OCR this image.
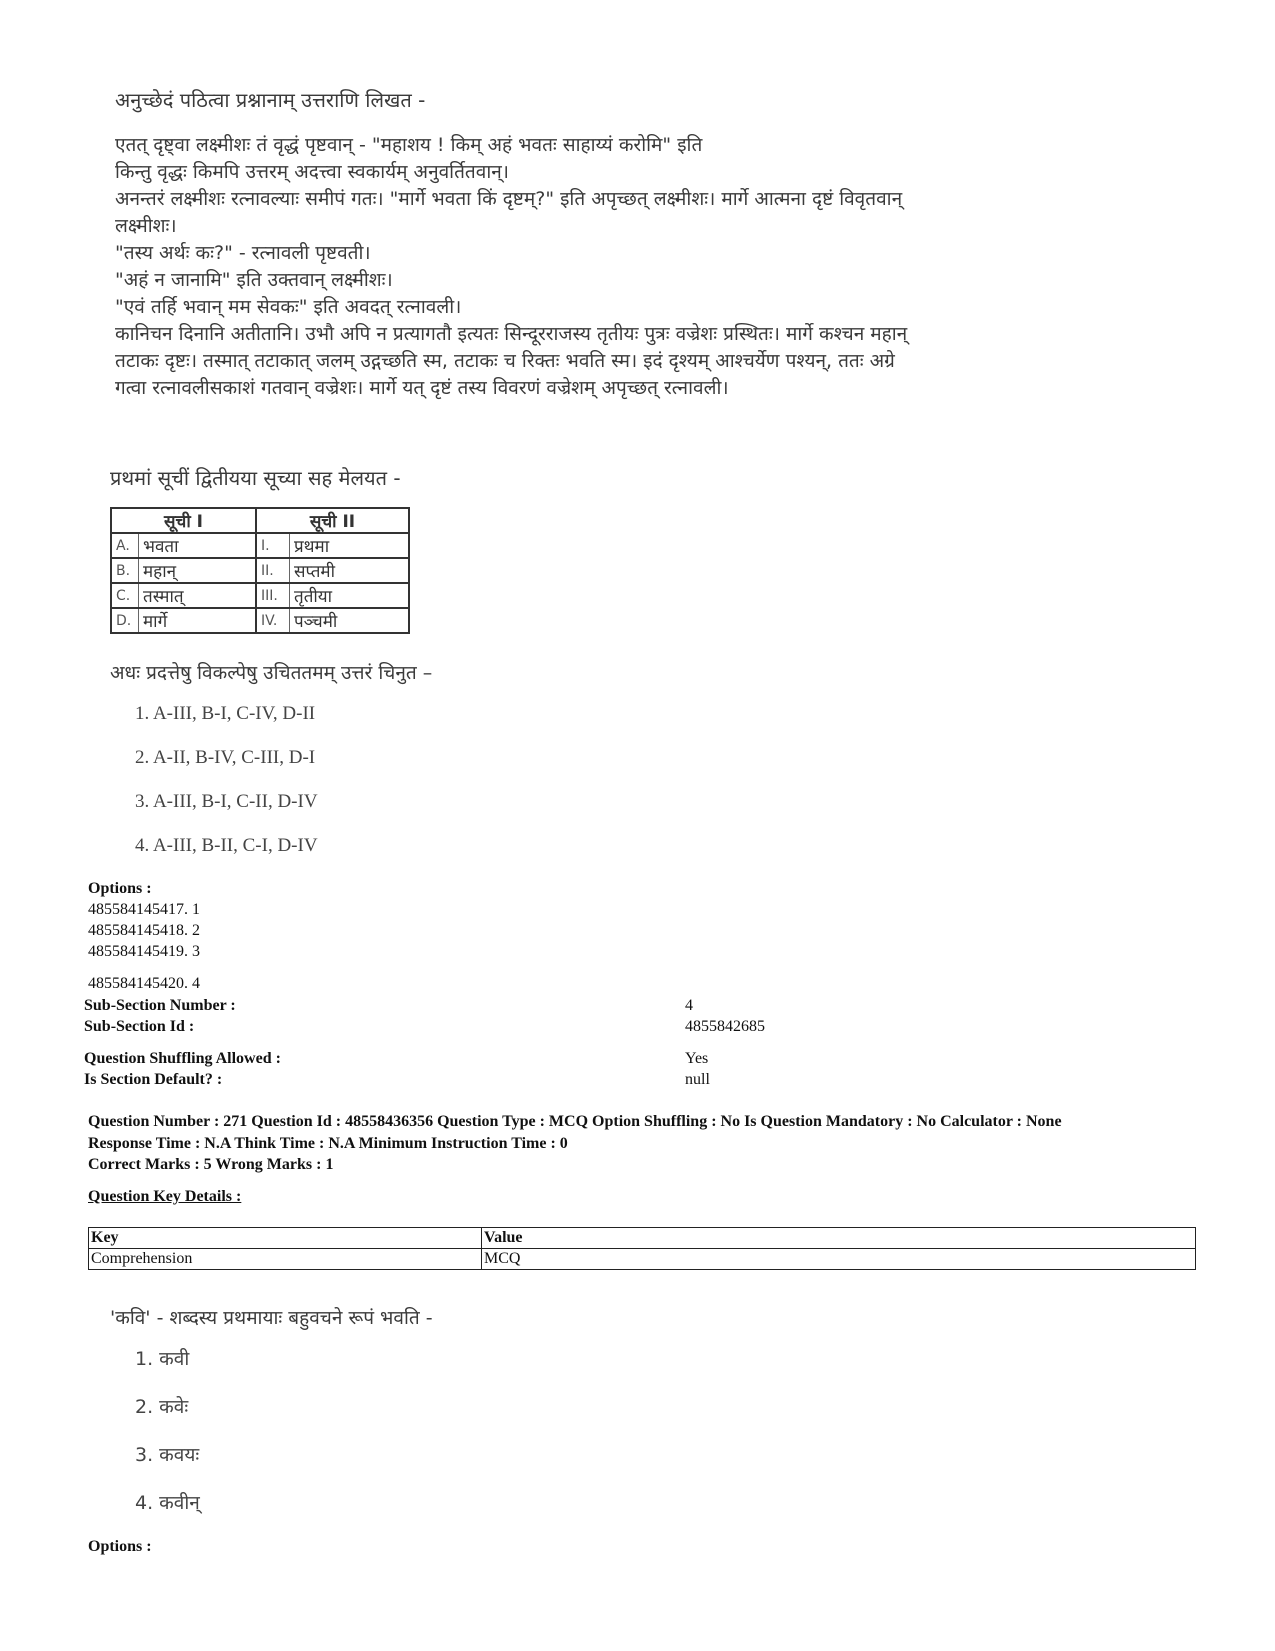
अनुच्छेदं पठित्वा प्रश्नानाम् उत्तराणि लिखत -
एतत् दृष्ट्वा लक्ष्मीशः तं वृद्धं पृष्टवान् - "महाशय ! किम् अहं भवतः साहाय्यं करोमि" इति
किन्तु वृद्धः किमपि उत्तरम् अदत्त्वा स्वकार्यम् अनुवर्तितवान्।
अनन्तरं लक्ष्मीशः रत्नावल्याः समीपं गतः। "मार्गे भवता किं दृष्टम्?" इति अपृच्छत् लक्ष्मीशः। मार्गे आत्मना दृष्टं विवृतवान्
लक्ष्मीशः।
"तस्य अर्थः कः?" - रत्नावली पृष्टवती।
"अहं न जानामि" इति उक्तवान् लक्ष्मीशः।
"एवं तर्हि भवान् मम सेवकः" इति अवदत् रत्नावली।
कानिचन दिनानि अतीतानि। उभौ अपि न प्रत्यागतौ इत्यतः सिन्दूरराजस्य तृतीयः पुत्रः वज्रेशः प्रस्थितः। मार्गे कश्चन महान्
तटाकः दृष्टः। तस्मात् तटाकात् जलम् उद्गच्छति स्म, तटाकः च रिक्तः भवति स्म। इदं दृश्यम् आश्चर्येण पश्यन्, ततः अग्रे
गत्वा रत्नावलीसकाशं गतवान् वज्रेशः। मार्गे यत् दृष्टं तस्य विवरणं वज्रेशम् अपृच्छत् रत्नावली।
प्रथमां सूचीं द्वितीयया सूच्या सह मेलयत -
सूची I		सूची II	
A.	भवता	I.	प्रथमा
B.	महान्	II.	सप्तमी
C.	तस्मात्	III.	तृतीया
D.	मार्गे	IV.	पञ्चमी
अधः प्रदत्तेषु विकल्पेषु उचिततमम् उत्तरं चिनुत –
1. A-III, B-I, C-IV, D-II
2. A-II, B-IV, C-III, D-I
3. A-III, B-I, C-II, D-IV
4. A-III, B-II, C-I, D-IV
Options :
485584145417. 1
485584145418. 2
485584145419. 3
485584145420. 4
Sub-Section Number :	4
Sub-Section Id :	4855842685
Question Shuffling Allowed :	Yes
Is Section Default? :	null
Question Number : 271 Question Id : 48558436356 Question Type : MCQ Option Shuffling : No Is Question Mandatory : No Calculator : None
Response Time : N.A Think Time : N.A Minimum Instruction Time : 0
Correct Marks : 5 Wrong Marks : 1
Question Key Details :
Key	Value
Comprehension	MCQ
'कवि' - शब्दस्य प्रथमायाः बहुवचने रूपं भवति -
1. कवी
2. कवेः
3. कवयः
4. कवीन्
Options :
